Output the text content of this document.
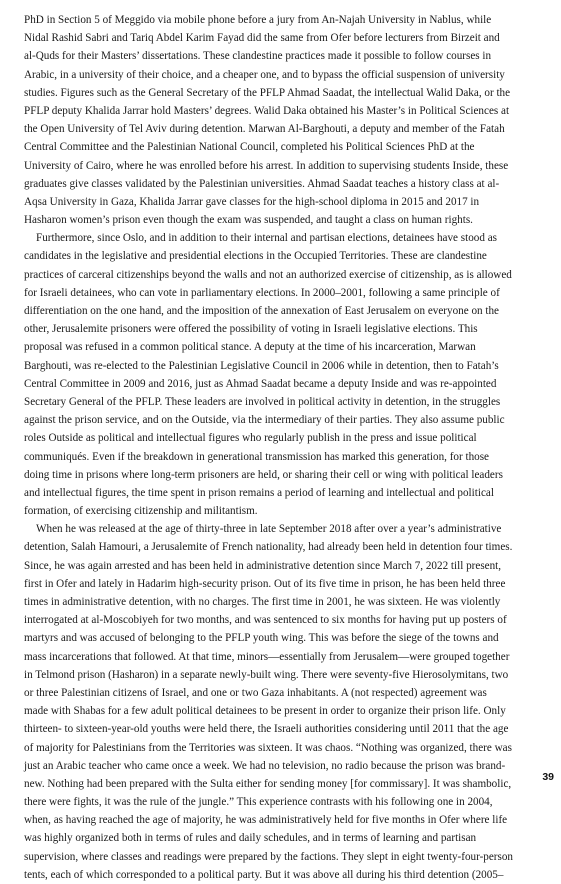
PhD in Section 5 of Meggido via mobile phone before a jury from An-Najah University in Nablus, while
Nidal Rashid Sabri and Tariq Abdel Karim Fayad did the same from Ofer before lecturers from Birzeit and
al-Quds for their Masters’ dissertations. These clandestine practices made it possible to follow courses in
Arabic, in a university of their choice, and a cheaper one, and to bypass the official suspension of university
studies. Figures such as the General Secretary of the PFLP Ahmad Saadat, the intellectual Walid Daka, or the
PFLP deputy Khalida Jarrar hold Masters’ degrees. Walid Daka obtained his Master’s in Political Sciences at
the Open University of Tel Aviv during detention. Marwan Al-Barghouti, a deputy and member of the Fatah
Central Committee and the Palestinian National Council, completed his Political Sciences PhD at the
University of Cairo, where he was enrolled before his arrest. In addition to supervising students Inside, these
graduates give classes validated by the Palestinian universities. Ahmad Saadat teaches a history class at al-
Aqsa University in Gaza, Khalida Jarrar gave classes for the high-school diploma in 2015 and 2017 in
Hasharon women’s prison even though the exam was suspended, and taught a class on human rights.
Furthermore, since Oslo, and in addition to their internal and partisan elections, detainees have stood as
candidates in the legislative and presidential elections in the Occupied Territories. These are clandestine
practices of carceral citizenships beyond the walls and not an authorized exercise of citizenship, as is allowed
for Israeli detainees, who can vote in parliamentary elections. In 2000–2001, following a same principle of
differentiation on the one hand, and the imposition of the annexation of East Jerusalem on everyone on the
other, Jerusalemite prisoners were offered the possibility of voting in Israeli legislative elections. This
proposal was refused in a common political stance. A deputy at the time of his incarceration, Marwan
Barghouti, was re-elected to the Palestinian Legislative Council in 2006 while in detention, then to Fatah’s
Central Committee in 2009 and 2016, just as Ahmad Saadat became a deputy Inside and was re-appointed
Secretary General of the PFLP. These leaders are involved in political activity in detention, in the struggles
against the prison service, and on the Outside, via the intermediary of their parties. They also assume public
roles Outside as political and intellectual figures who regularly publish in the press and issue political
communiqués. Even if the breakdown in generational transmission has marked this generation, for those
doing time in prisons where long-term prisoners are held, or sharing their cell or wing with political leaders
and intellectual figures, the time spent in prison remains a period of learning and intellectual and political
formation, of exercising citizenship and militantism.
When he was released at the age of thirty-three in late September 2018 after over a year’s administrative
detention, Salah Hamouri, a Jerusalemite of French nationality, had already been held in detention four times.
Since, he was again arrested and has been held in administrative detention since March 7, 2022 till present,
first in Ofer and lately in Hadarim high-security prison. Out of its five time in prison, he has been held three
times in administrative detention, with no charges. The first time in 2001, he was sixteen. He was violently
interrogated at al-Moscobiyeh for two months, and was sentenced to six months for having put up posters of
martyrs and was accused of belonging to the PFLP youth wing. This was before the siege of the towns and
mass incarcerations that followed. At that time, minors—essentially from Jerusalem—were grouped together
in Telmond prison (Hasharon) in a separate newly-built wing. There were seventy-five Hierosolymitans, two
or three Palestinian citizens of Israel, and one or two Gaza inhabitants. A (not respected) agreement was
made with Shabas for a few adult political detainees to be present in order to organize their prison life. Only
thirteen- to sixteen-year-old youths were held there, the Israeli authorities considering until 2011 that the age
of majority for Palestinians from the Territories was sixteen. It was chaos. “Nothing was organized, there was
just an Arabic teacher who came once a week. We had no television, no radio because the prison was brand-
new. Nothing had been prepared with the Sulta either for sending money [for commissary]. It was shambolic,
there were fights, it was the rule of the jungle.” This experience contrasts with his following one in 2004,
when, as having reached the age of majority, he was administratively held for five months in Ofer where life
was highly organized both in terms of rules and daily schedules, and in terms of learning and partisan
supervision, where classes and readings were prepared by the factions. They slept in eight twenty-four-person
tents, each of which corresponded to a political party. But it was above all during his third detention (2005–
39
